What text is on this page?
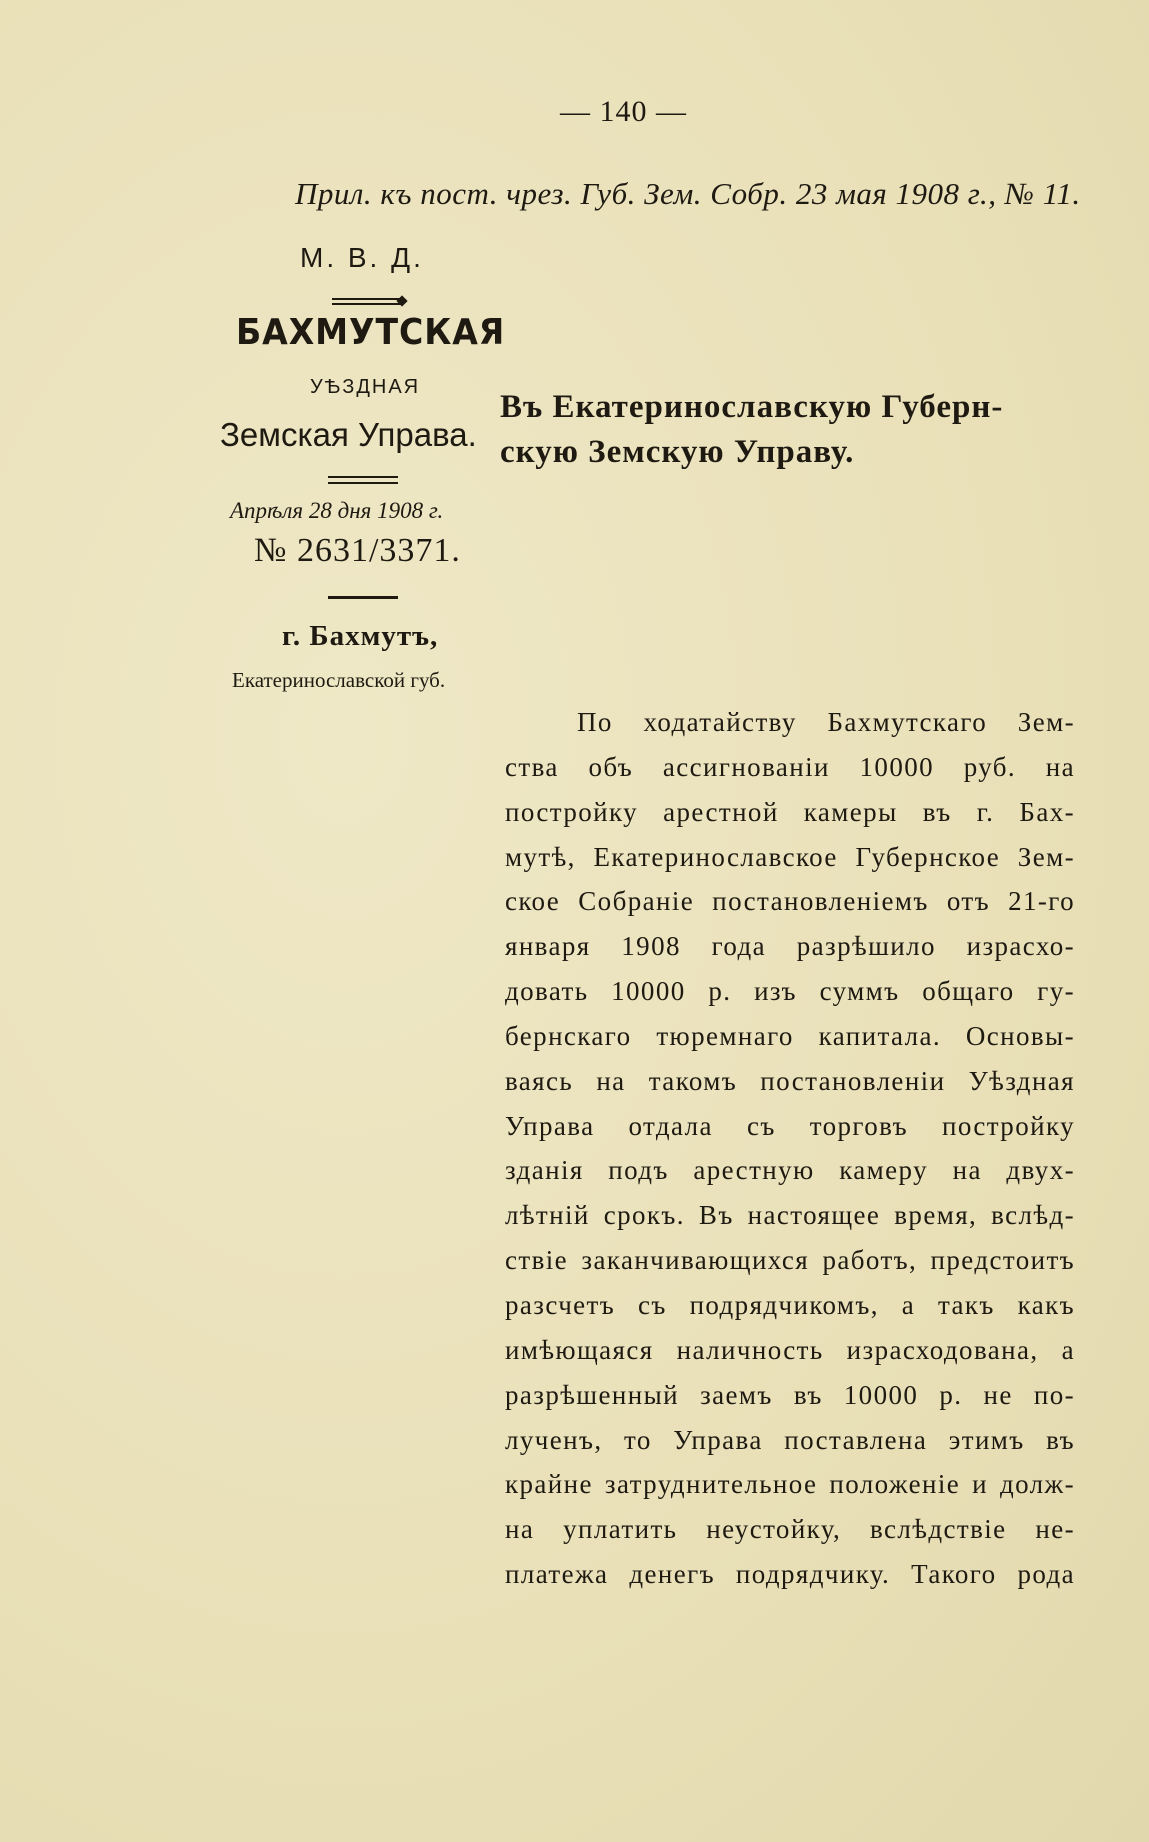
— 140 —
Прил. къ пост. чрез. Губ. Зем. Собр. 23 мая 1908 г., № 11.
М. В. Д.
БАХМУТСКАЯ
УѢЗДНАЯ
Земская Управа.
Апрѣля 28 дня 1908 г.
№ 2631/3371.
г. Бахмутъ,
Екатеринославской губ.
Въ Екатеринославскую Губерн-
скую Земскую Управу.
По ходатайству Бахмутскаго Зем-
ства объ ассигнованіи 10000 руб. на
постройку арестной камеры въ г. Бах-
мутѣ, Екатеринославское Губернское Зем-
ское Собраніе постановленіемъ отъ 21-го
января 1908 года разрѣшило израсхо-
довать 10000 р. изъ суммъ общаго гу-
бернскаго тюремнаго капитала. Основы-
ваясь на такомъ постановленіи Уѣздная
Управа отдала съ торговъ постройку
зданія подъ арестную камеру на двух-
лѣтній срокъ. Въ настоящее время, вслѣд-
ствіе заканчивающихся работъ, предстоитъ
разсчетъ съ подрядчикомъ, а такъ какъ
имѣющаяся наличность израсходована, а
разрѣшенный заемъ въ 10000 р. не по-
лученъ, то Управа поставлена этимъ въ
крайне затруднительное положеніе и долж-
на уплатить неустойку, вслѣдствіе не-
платежа денегъ подрядчику. Такого рода
